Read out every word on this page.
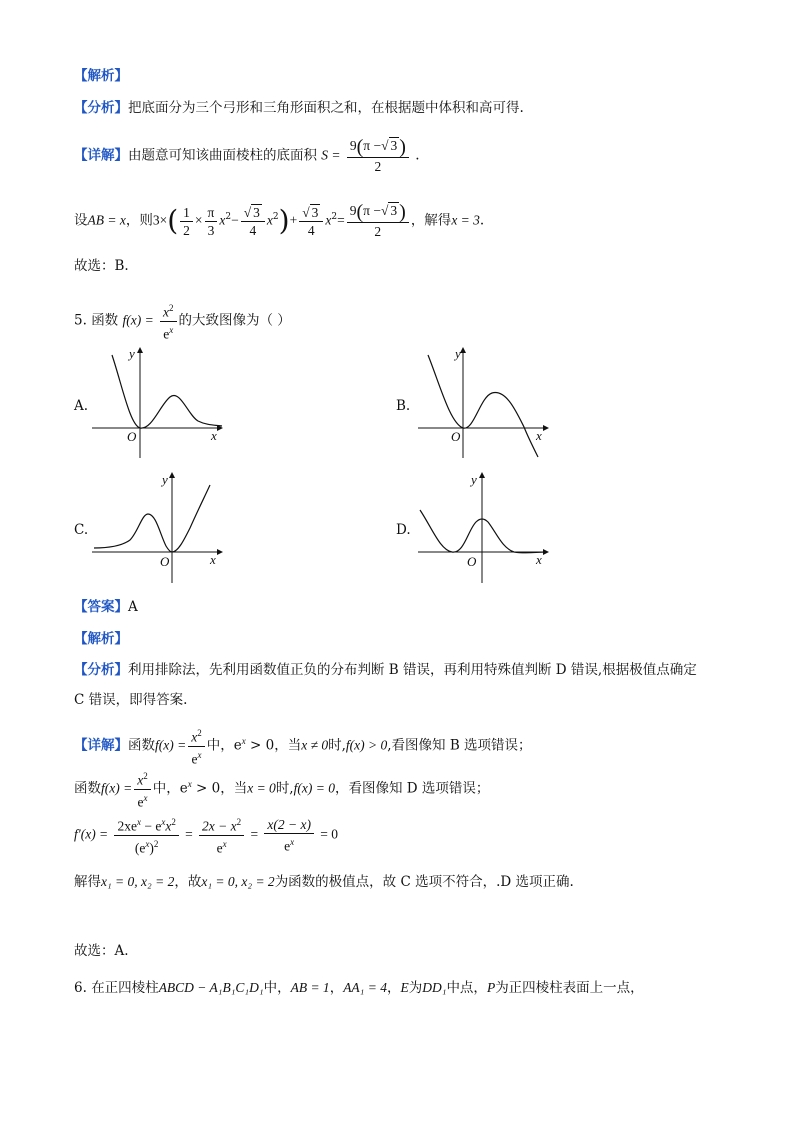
【解析】
【分析】把底面分为三个弓形和三角形面积之和，在根据题中体积和高可得.
【详解】由题意可知该曲面棱柱的底面积 $S = \frac{9(\pi -√ 3 )}{2}$ .
设AB = x，则$3\times( \frac{1}{2} \times \frac{\pi}{3} x^2- \frac{√ 3}{4} x^2)+ \frac{√ 3}{4} x^2= \frac{9(\pi -√ 3 )}{2}$ ，解得x = 3.
故选：B.
5. 函数 $f(x) = \frac{x^2}{e^x}$ 的大致图像为（ ）
A.	B.
C.	D.
y
x
O
y
x
O
y
x
O
y
x
O
【答案】A
【解析】
【分析】利用排除法，先利用函数值正负的分布判断 B 错误，再利用特殊值判断 D 错误,根据极值点确定
C 错误，即得答案.
【详解】函数$f(x) = \frac{x^2}{e^x}$ 中，$e^x > 0$，当x ≠ 0时,f(x) > 0,看图像知 B 选项错误；
函数$f(x) = \frac{x^2}{e^x}$ 中，$e^x > 0$，当x = 0时,f(x) = 0，看图像知 D 选项错误；
$f'(x) = \frac{2xe^x - e^xx^2}{(e^x)^2} = \frac{2x - x^2}{e^x} = \frac{x(2 - x)}{e^x} = 0$
解得x₁ = 0, x₂ = 2，故x₁ = 0, x₂ = 2为函数的极值点，故 C 选项不符合，.D 选项正确.
故选：A.
6. 在正四棱柱ABCD − A₁B₁C₁D₁中，AB = 1，AA₁ = 4，E为DD₁中点，P为正四棱柱表面上一点，
